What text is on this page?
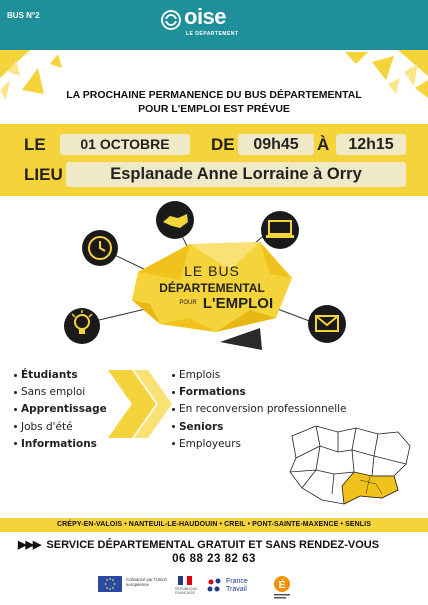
BUS N°2	oise
LE DÉPARTEMENT
LA PROCHAINE PERMANENCE DU BUS DÉPARTEMENTAL
POUR L'EMPLOI EST PRÉVUE
LE	01 OCTOBRE	DE	09h45	À	12h15
LIEU	Esplanade Anne Lorraine à Orry
LE BUS
DÉPARTEMENTAL
POUR L'EMPLOI
Étudiants
Sans emploi
Apprentissage
Jobs d'été
Informations
Emplois
Formations
En reconversion professionnelle
Seniors
Employeurs
CRÉPY-EN-VALOIS • NANTEUIL-LE-HAUDOUIN • CREIL • PONT-SAINTE-MAXENCE • SENLIS
▶▶▶ SERVICE DÉPARTEMENTAL GRATUIT ET SANS RENDEZ-VOUS
06 88 23 82 63
Cofinancé par l'Union européenne
RÉPUBLIQUE FRANÇAISE
France
Travail	É
